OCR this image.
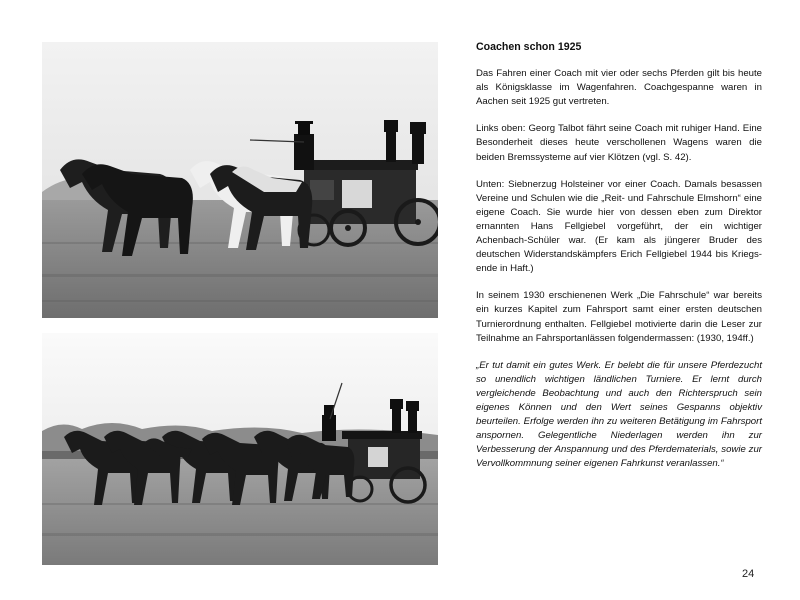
Coachen schon 1925

Das Fahren einer Coach mit vier oder sechs Pferden gilt bis heute als Königsklasse im Wagenfahren. Coachgespanne waren in Aachen seit 1925 gut vertreten.

Links oben: Georg Talbot fährt seine Coach mit ruhiger Hand. Eine Besonderheit dieses heute verschollenen Wagens waren die beiden Bremssysteme auf vier Klötzen (vgl. S. 42).

Unten: Siebnerzug Holsteiner vor einer Coach. Damals besassen Vereine und Schulen wie die „Reit- und Fahrschule Elmshorn“ eine eigene Coach. Sie wurde hier von dessen eben zum Direktor ernannten Hans Fellgiebel vorgeführt, der ein wichtiger Achenbach-Schüler war. (Er kam als jüngerer Bruder des deutschen Widerstandskämpfers Erich Fellgiebel 1944 bis Kriegsende in Haft.)

In seinem 1930 erschienenen Werk „Die Fahrschule“ war bereits ein kurzes Kapitel zum Fahrsport samt einer ersten deutschen Turnierordnung enthalten. Fellgiebel motivierte darin die Leser zur Teilnahme an Fahrsportanlässen folgendermassen: (1930, 194ff.)

„Er tut damit ein gutes Werk. Er belebt die für unsere Pferdezucht so unendlich wichtigen ländlichen Turniere. Er lernt durch vergleichende Beobachtung und auch den Richterspruch sein eigenes Können und den Wert seines Gespanns objektiv beurteilen. Erfolge werden ihn zu weiteren Betätigung im Fahrsport anspornen. Gelegentliche Niederlagen werden ihn zur Verbesserung der Anspannung und des Pferdematerials, sowie zur Vervollkommnung seiner eigenen Fahrkunst veranlassen.“

24
